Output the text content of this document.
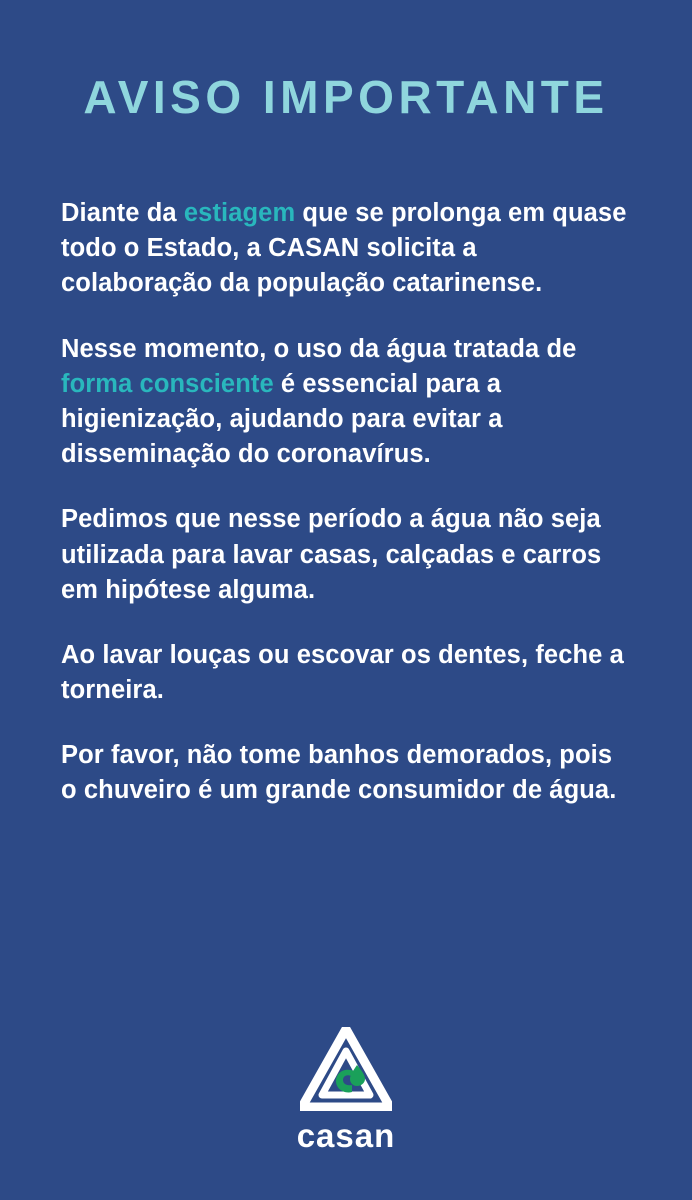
AVISO IMPORTANTE

Diante da estiagem que se prolonga em quase todo o Estado, a CASAN solicita a colaboração da população catarinense.

Nesse momento, o uso da água tratada de forma consciente é essencial para a higienização, ajudando para evitar a disseminação do coronavírus.

Pedimos que nesse período a água não seja utilizada para lavar casas, calçadas e carros em hipótese alguma.

Ao lavar louças ou escovar os dentes, feche a torneira.

Por favor, não tome banhos demorados, pois o chuveiro é um grande consumidor de água.

casan
